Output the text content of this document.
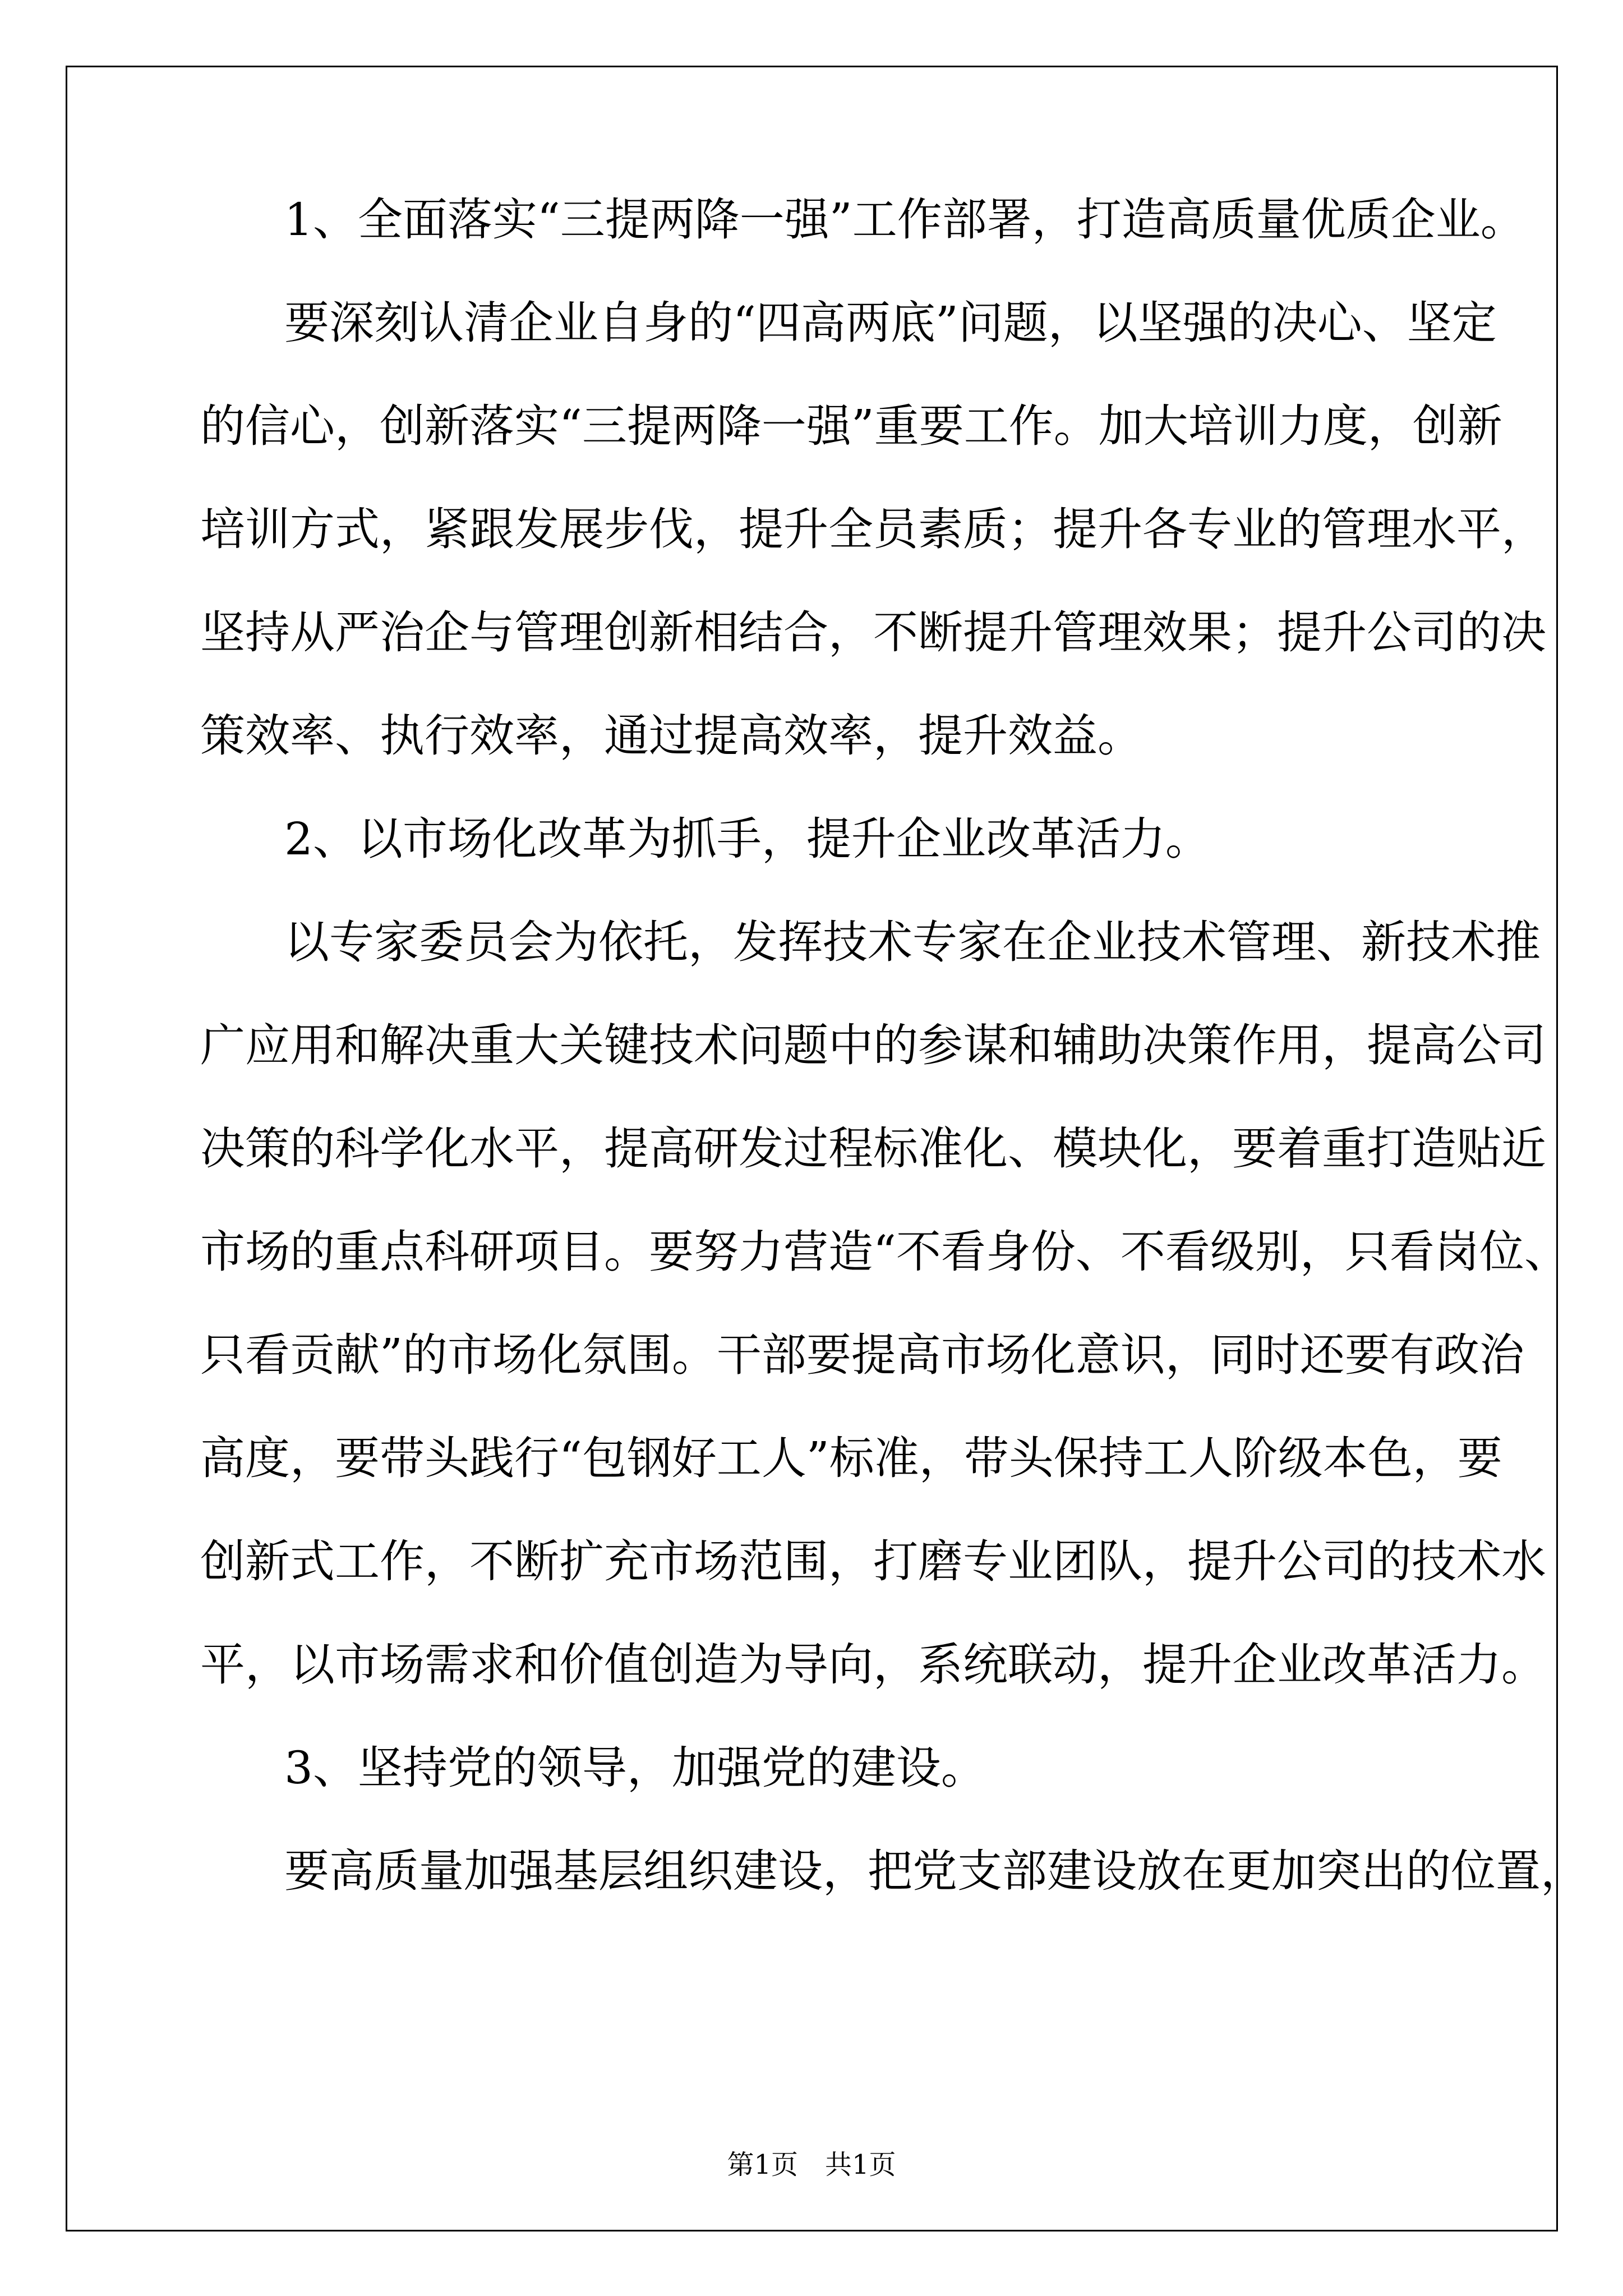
1、全面落实“三提两降一强”工作部署，打造高质量优质企业。
要深刻认清企业自身的“四高两底”问题，以坚强的决心、坚定
的信心，创新落实“三提两降一强”重要工作。加大培训力度，创新
培训方式，紧跟发展步伐，提升全员素质；提升各专业的管理水平，
坚持从严治企与管理创新相结合，不断提升管理效果；提升公司的决
策效率、执行效率，通过提高效率，提升效益。
2、以市场化改革为抓手，提升企业改革活力。
以专家委员会为依托，发挥技术专家在企业技术管理、新技术推
广应用和解决重大关键技术问题中的参谋和辅助决策作用，提高公司
决策的科学化水平，提高研发过程标准化、模块化，要着重打造贴近
市场的重点科研项目。要努力营造“不看身份、不看级别，只看岗位、
只看贡献”的市场化氛围。干部要提高市场化意识，同时还要有政治
高度，要带头践行“包钢好工人”标准，带头保持工人阶级本色，要
创新式工作，不断扩充市场范围，打磨专业团队，提升公司的技术水
平，以市场需求和价值创造为导向，系统联动，提升企业改革活力。
3、坚持党的领导，加强党的建设。
要高质量加强基层组织建设，把党支部建设放在更加突出的位置，
第1页　共1页
